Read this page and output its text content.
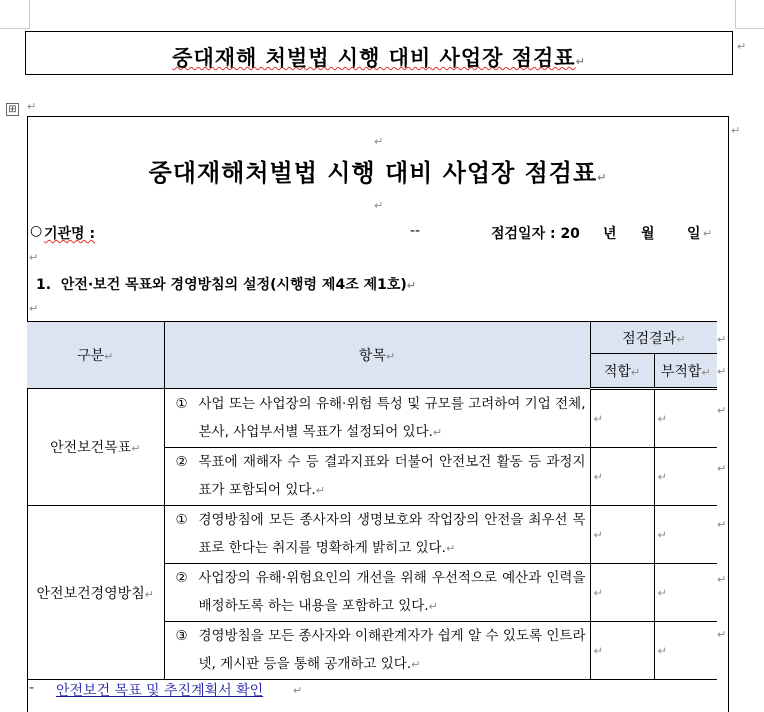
중대재해 처벌법 시행 대비 사업장 점검표↵
↵
⊞ ↵
↵
↵
중대재해처벌법 시행 대비 사업장 점검표↵
↵
○ 기관명 :	--	점검일자 : 20 년 월 일 ↵
↵
1. 안전·보건 목표와 경영방침의 설정(시행령 제4조 제1호)↵
↵
구분↵	항목↵	점검결과↵	
		적합↵	부적합↵
안전보건목표↵	① 사업 또는 사업장의 유해·위험 특성 및 규모를 고려하여 기업 전체, 본사, 사업부서별 목표가 설정되어 있다.↵	↵	↵

	② 목표에 재해자 수 등 결과지표와 더불어 안전보건 활동 등 과정지표가 포함되어 있다.↵	↵	↵

안전보건경영방침↵	① 경영방침에 모든 종사자의 생명보호와 작업장의 안전을 최우선 목표로 한다는 취지를 명확하게 밝히고 있다.↵	↵	↵

	② 사업장의 유해·위험요인의 개선을 위해 우선적으로 예산과 인력을 배정하도록 하는 내용을 포함하고 있다.↵	↵	↵

	③ 경영방침을 모든 종사자와 이해관계자가 쉽게 알 수 있도록 인트라넷, 게시판 등을 통해 공개하고 있다.↵	↵	↵
↵
↵
↵
↵
↵
↵
↵
- 안전보건 목표 및 추진계획서 확인	↵
